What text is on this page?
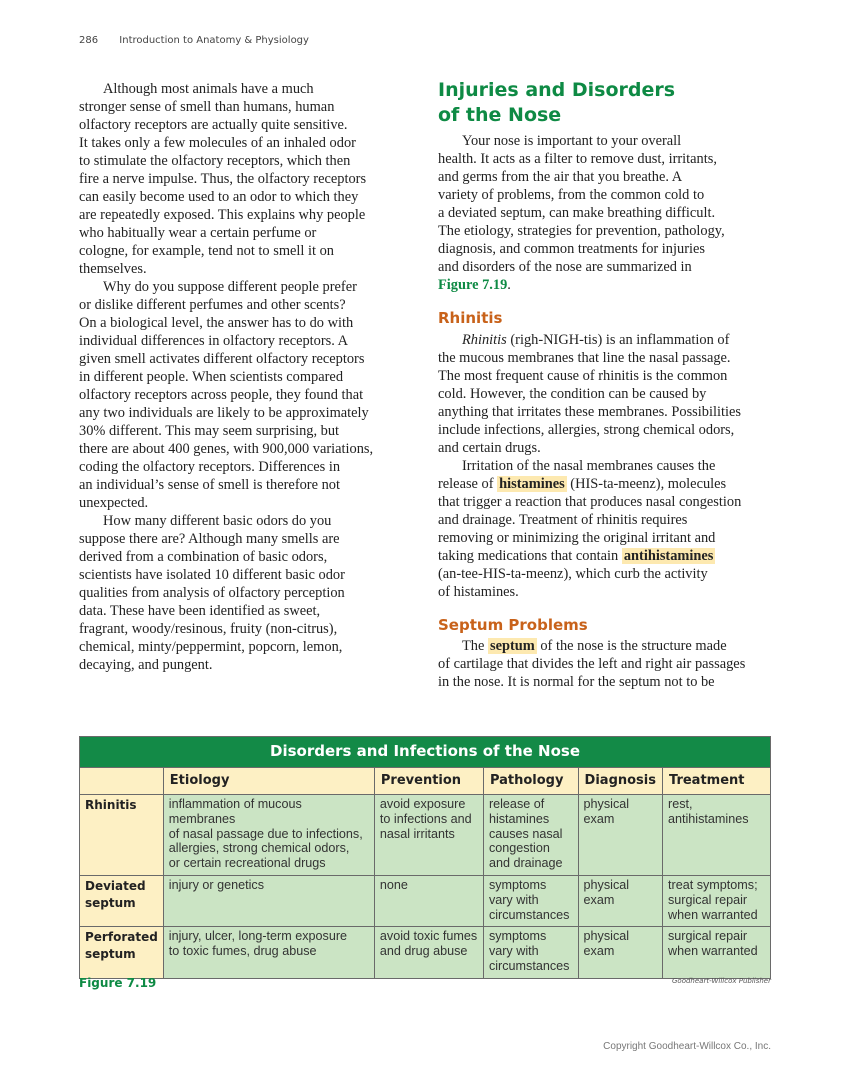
286 Introduction to Anatomy & Physiology
Although most animals have a much
stronger sense of smell than humans, human
olfactory receptors are actually quite sensitive.
It takes only a few molecules of an inhaled odor
to stimulate the olfactory receptors, which then
fire a nerve impulse. Thus, the olfactory receptors
can easily become used to an odor to which they
are repeatedly exposed. This explains why people
who habitually wear a certain perfume or
cologne, for example, tend not to smell it on
themselves.
Why do you suppose different people prefer
or dislike different perfumes and other scents?
On a biological level, the answer has to do with
individual differences in olfactory receptors. A
given smell activates different olfactory receptors
in different people. When scientists compared
olfactory receptors across people, they found that
any two individuals are likely to be approximately
30% different. This may seem surprising, but
there are about 400 genes, with 900,000 variations,
coding the olfactory receptors. Differences in
an individual’s sense of smell is therefore not
unexpected.
How many different basic odors do you
suppose there are? Although many smells are
derived from a combination of basic odors,
scientists have isolated 10 different basic odor
qualities from analysis of olfactory perception
data. These have been identified as sweet,
fragrant, woody/resinous, fruity (non-citrus),
chemical, minty/peppermint, popcorn, lemon,
decaying, and pungent.
Injuries and Disorders
of the Nose
Your nose is important to your overall
health. It acts as a filter to remove dust, irritants,
and germs from the air that you breathe. A
variety of problems, from the common cold to
a deviated septum, can make breathing difficult.
The etiology, strategies for prevention, pathology,
diagnosis, and common treatments for injuries
and disorders of the nose are summarized in
Figure 7.19.
Rhinitis
Rhinitis (righ-NIGH-tis) is an inflammation of
the mucous membranes that line the nasal passage.
The most frequent cause of rhinitis is the common
cold. However, the condition can be caused by
anything that irritates these membranes. Possibilities
include infections, allergies, strong chemical odors,
and certain drugs.
Irritation of the nasal membranes causes the
release of histamines (HIS-ta-meenz), molecules
that trigger a reaction that produces nasal congestion
and drainage. Treatment of rhinitis requires
removing or minimizing the original irritant and
taking medications that contain antihistamines
(an-tee-HIS-ta-meenz), which curb the activity
of histamines.
Septum Problems
The septum of the nose is the structure made
of cartilage that divides the left and right air passages
in the nose. It is normal for the septum not to be
Disorders and Infections of the Nose					
	Etiology	Prevention	Pathology	Diagnosis	Treatment
Rhinitis	inflammation of mucous membranes
of nasal passage due to infections,
allergies, strong chemical odors,
or certain recreational drugs	avoid exposure
to infections and
nasal irritants	release of
histamines
causes nasal
congestion
and drainage	physical
exam	rest,
antihistamines
Deviated
septum	injury or genetics	none	symptoms
vary with
circumstances	physical
exam	treat symptoms;
surgical repair
when warranted
Perforated
septum	injury, ulcer, long-term exposure
to toxic fumes, drug abuse	avoid toxic fumes
and drug abuse	symptoms
vary with
circumstances	physical
exam	surgical repair
when warranted
Figure 7.19	Goodheart-Willcox Publisher
Copyright Goodheart-Willcox Co., Inc.
